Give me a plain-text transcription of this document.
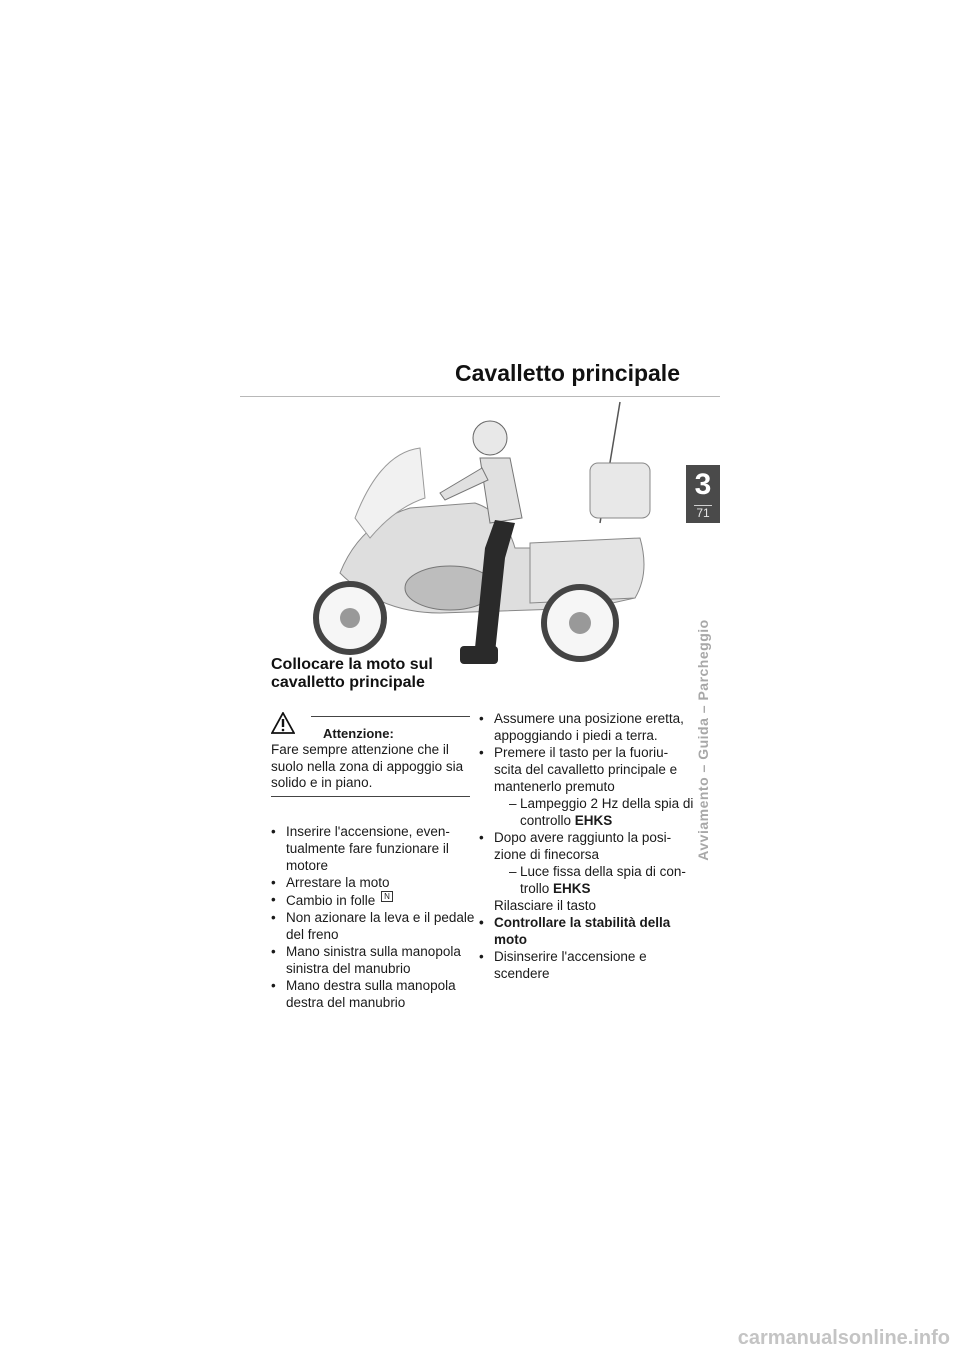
Cavalletto principale
3
71
Avviamento – Guida – Parcheggio
Collocare la moto sul
cavalletto principale
Attenzione:

Fare sempre attenzione che il suolo nella zona di appoggio sia solido e in piano.

• Inserire l'accensione, even-tualmente fare funzionare il motore
• Arrestare la moto
• Cambio in folle N
• Non azionare la leva e il pedale del freno
• Mano sinistra sulla manopola sinistra del manubrio
• Mano destra sulla manopola destra del manubrio
• Assumere una posizione eretta, appoggiando i piedi a terra.
• Premere il tasto per la fuoriu-scita del cavalletto principale e mantenerlo premuto
– Lampeggio 2 Hz della spia di controllo EHKS
• Dopo avere raggiunto la posi-zione di finecorsa
– Luce fissa della spia di con-trollo EHKS
Rilasciare il tasto
• Controllare la stabilità della moto
• Disinserire l'accensione e scendere
carmanualsonline.info
